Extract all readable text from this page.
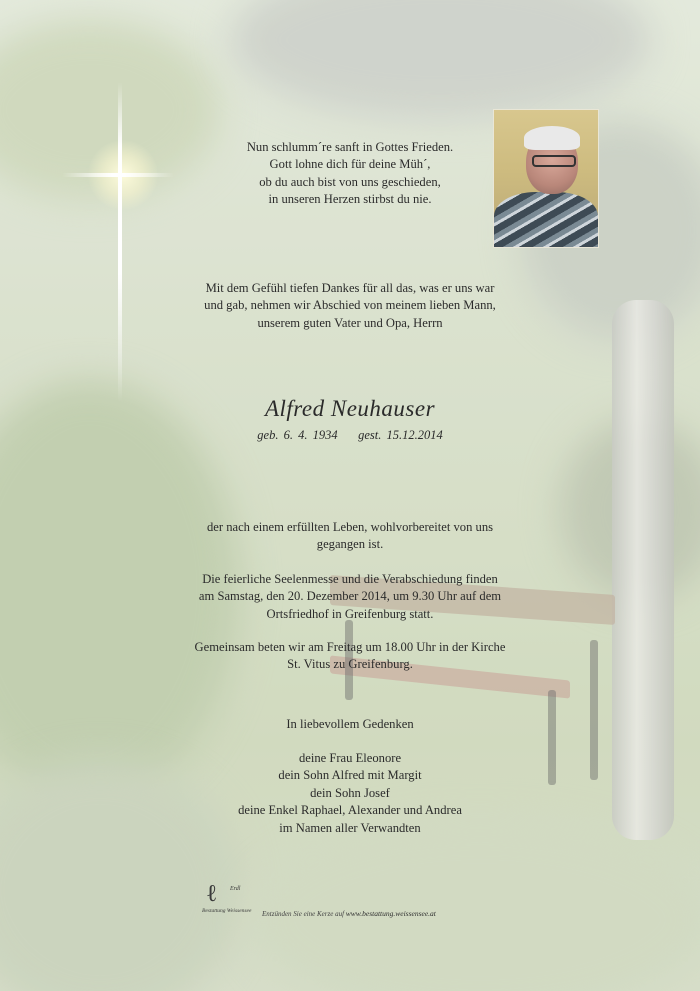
Nun schlumm´re sanft in Gottes Frieden.

Gott lohne dich für deine Müh´,

ob du auch bist von uns geschieden,

in unseren Herzen stirbst du nie.

Mit dem Gefühl tiefen Dankes für all das, was er uns war

und gab, nehmen wir Abschied von meinem lieben Mann,

unserem guten Vater und Opa, Herrn

Alfred Neuhauser
geb. 6. 4. 1934 gest. 15.12.2014

der nach einem erfüllten Leben, wohlvorbereitet von uns

gegangen ist.

Die feierliche Seelenmesse und die Verabschiedung finden

am Samstag, den 20. Dezember 2014, um 9.30 Uhr auf dem

Ortsfriedhof in Greifenburg statt.

Gemeinsam beten wir am Freitag um 18.00 Uhr in der Kirche

St. Vitus zu Greifenburg.

In liebevollem Gedenken

deine Frau Eleonore

dein Sohn Alfred mit Margit

dein Sohn Josef

deine Enkel Raphael, Alexander und Andrea

im Namen aller Verwandten

ℓ Erdl
Bestattung Weissensee Entzünden Sie eine Kerze auf www.bestattung.weissensee.at
